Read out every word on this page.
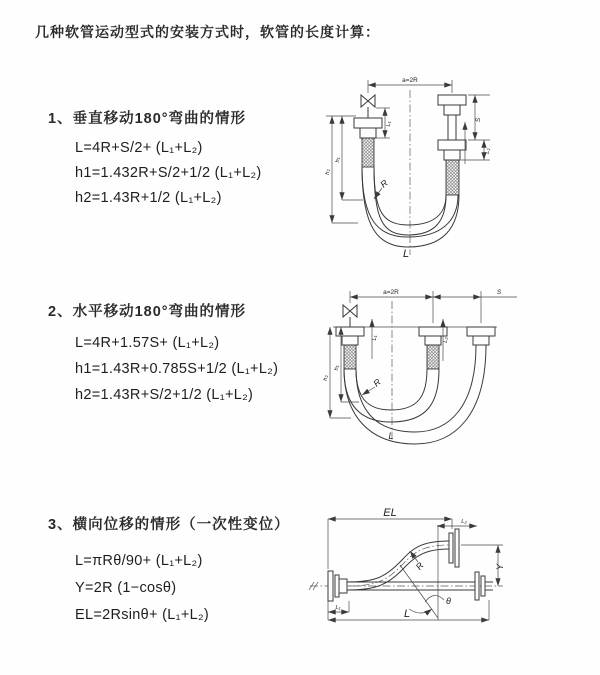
几种软管运动型式的安装方式时，软管的长度计算：
1、垂直移动180°弯曲的情形
L=4R+S/2+ (L₁+L₂)
h1=1.432R+S/2+1/2 (L₁+L₂)
h2=1.43R+1/2 (L₁+L₂)
2、水平移动180°弯曲的情形
L=4R+1.57S+ (L₁+L₂)
h1=1.43R+0.785S+1/2 (L₁+L₂)
h2=1.43R+S/2+1/2 (L₁+L₂)
3、横向位移的情形（一次性变位）
L=πRθ/90+ (L₁+L₂)
Y=2R (1−cosθ)
EL=2Rsinθ+ (L₁+L₂)
a=2R
S
L₂
L₁
h₁
h₂
R
L
a=2R	S
L₁	L₂
h₁
h₂	R
L
EL
L₂
Y
L
L₁
θ
R
